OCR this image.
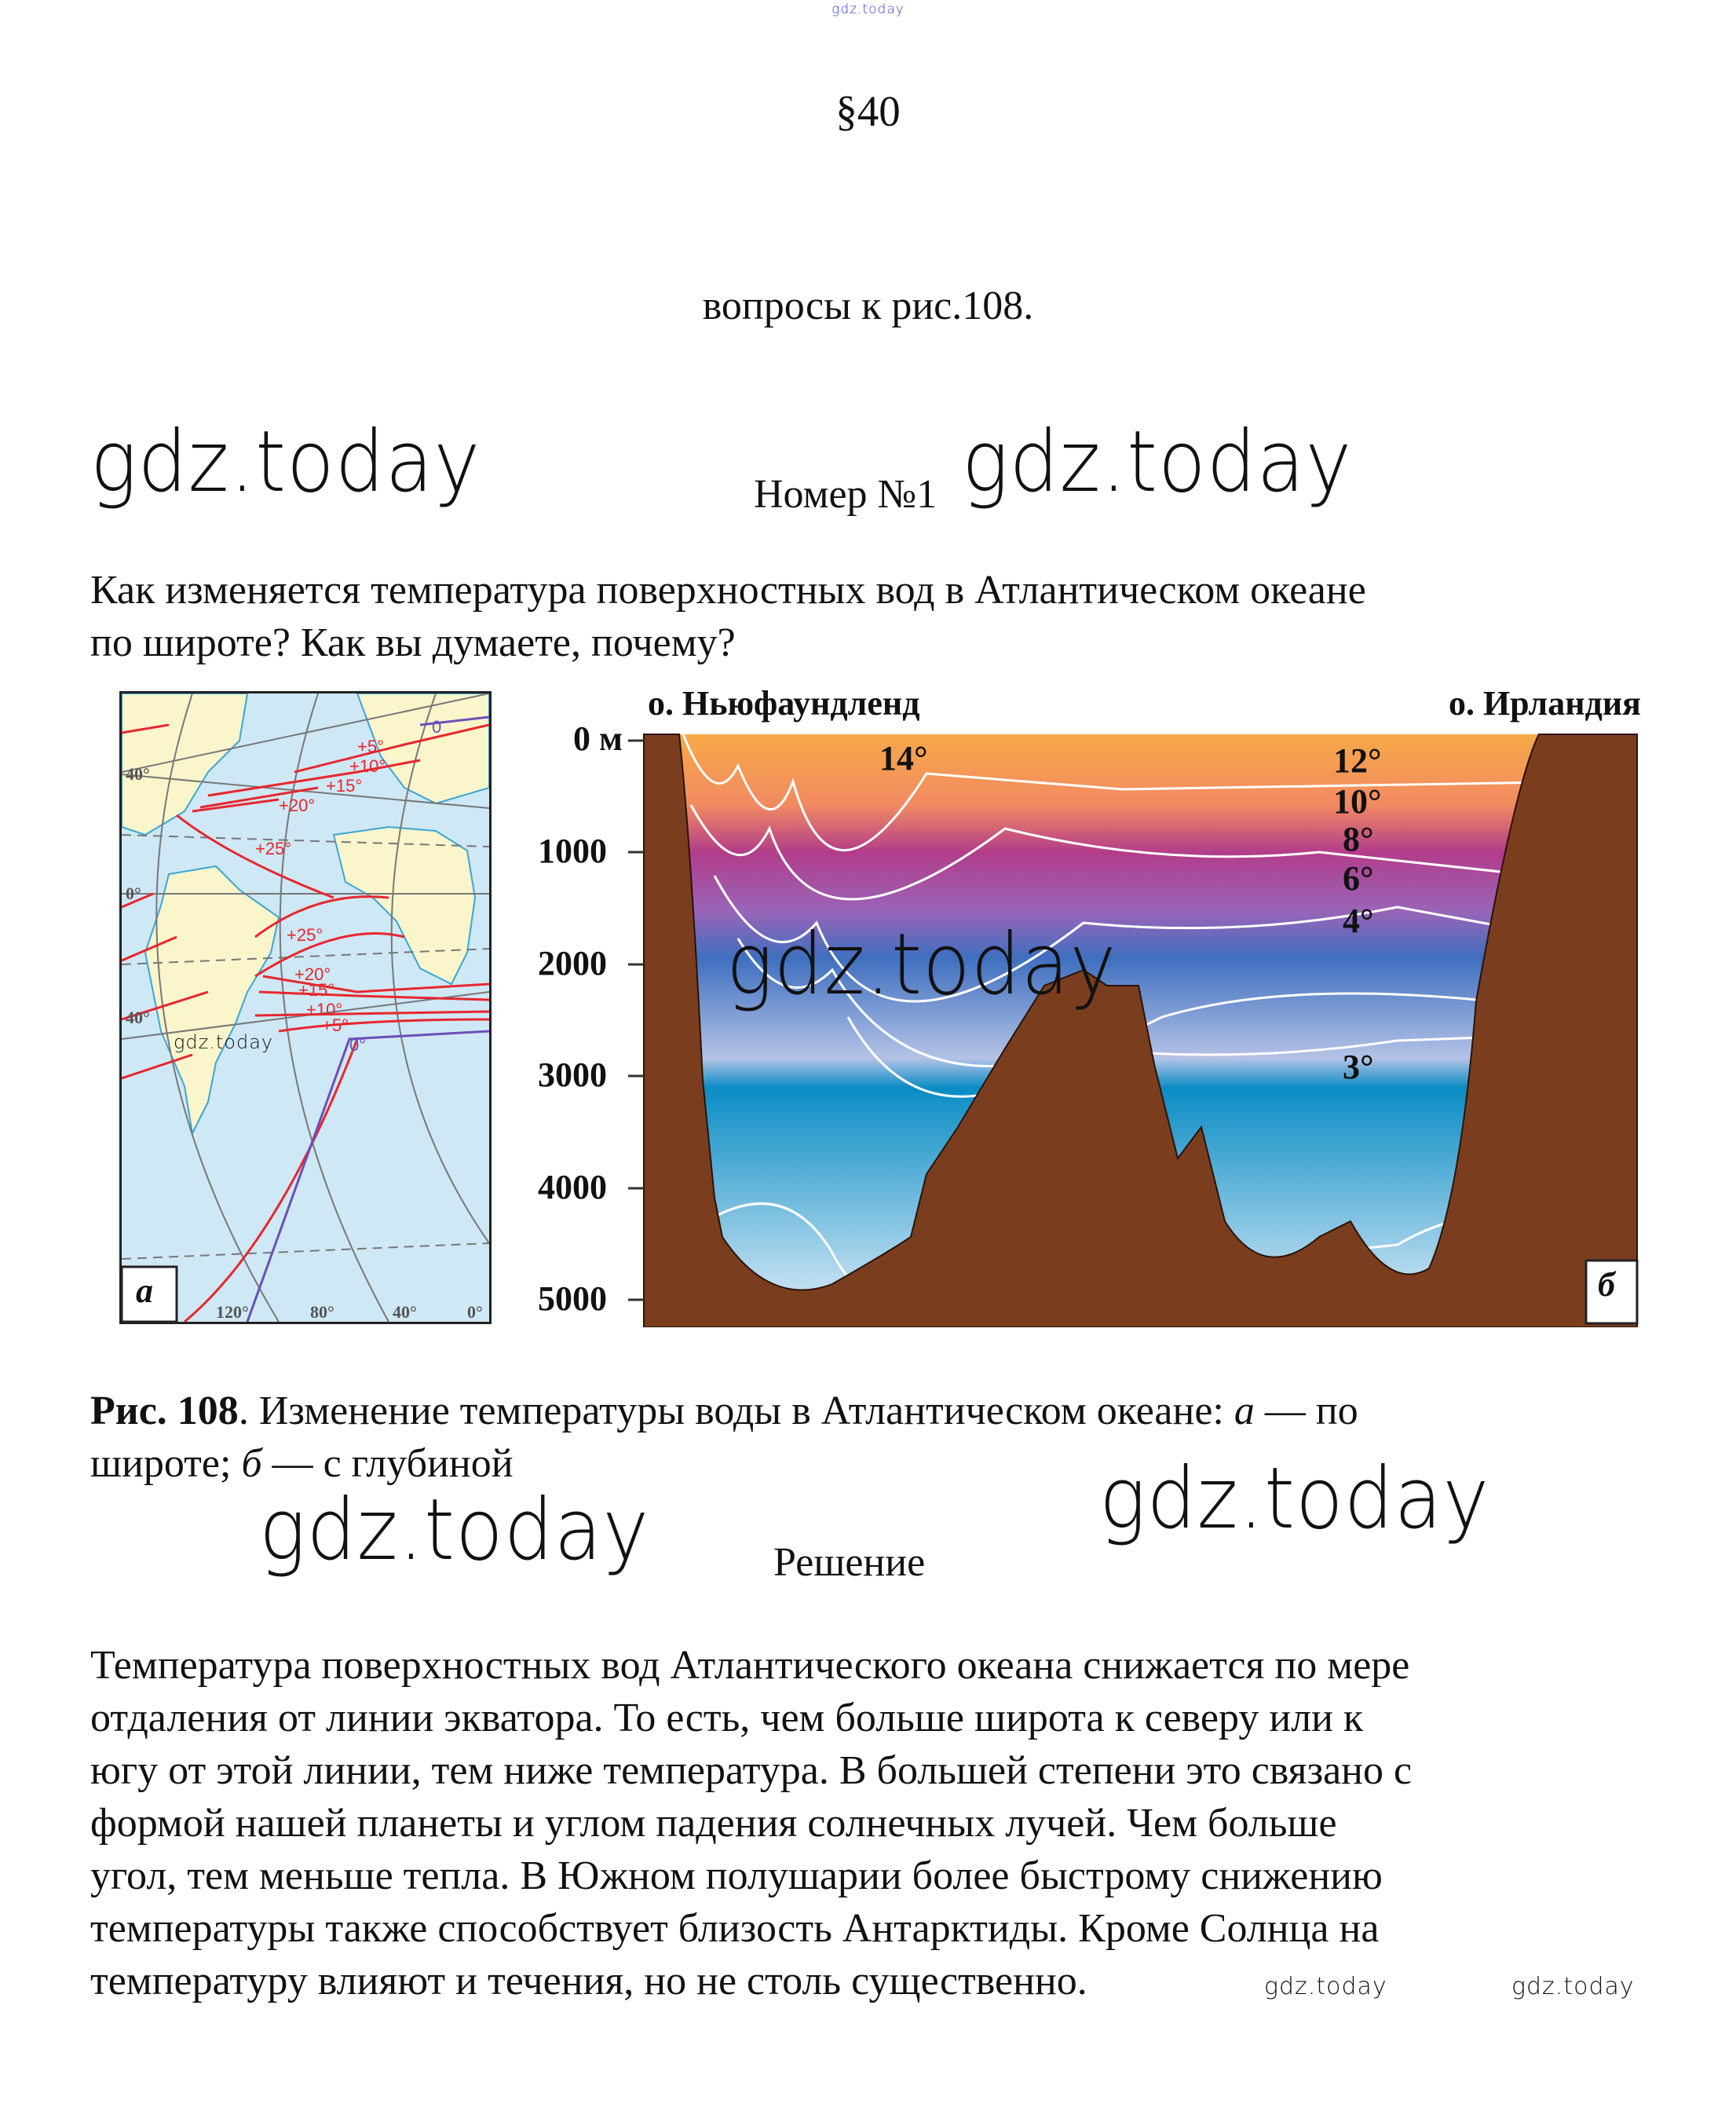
gdz.today
§40
вопросы к рис.108.
gdz.today	gdz.today
Номер №1
Как изменяется температура поверхностных вод в Атлантическом океане
по широте? Как вы думаете, почему?
+5°
+10°
+15°
+20°
+25°
+25°
+20°
+15°
+10°
+5°
0
0°
40°
0°
40°
120°	80°	40°	0°
а
gdz.today
о. Ньюфаундленд	о. Ирландия
0 м
1000
2000
3000
4000
5000
14°	12°
10°
8°
6°
4°
3°
б
gdz.today
Рис. 108. Изменение температуры воды в Атлантическом океане: а — по
широте; б — с глубиной
gdz.today	gdz.today
Решение
Температура поверхностных вод Атлантического океана снижается по мере
отдаления от линии экватора. То есть, чем больше широта к северу или к
югу от этой линии, тем ниже температура. В большей степени это связано с
формой нашей планеты и углом падения солнечных лучей. Чем больше
угол, тем меньше тепла. В Южном полушарии более быстрому снижению
температуры также способствует близость Антарктиды. Кроме Солнца на
температуру влияют и течения, но не столь существенно.	gdz.today	gdz.today
